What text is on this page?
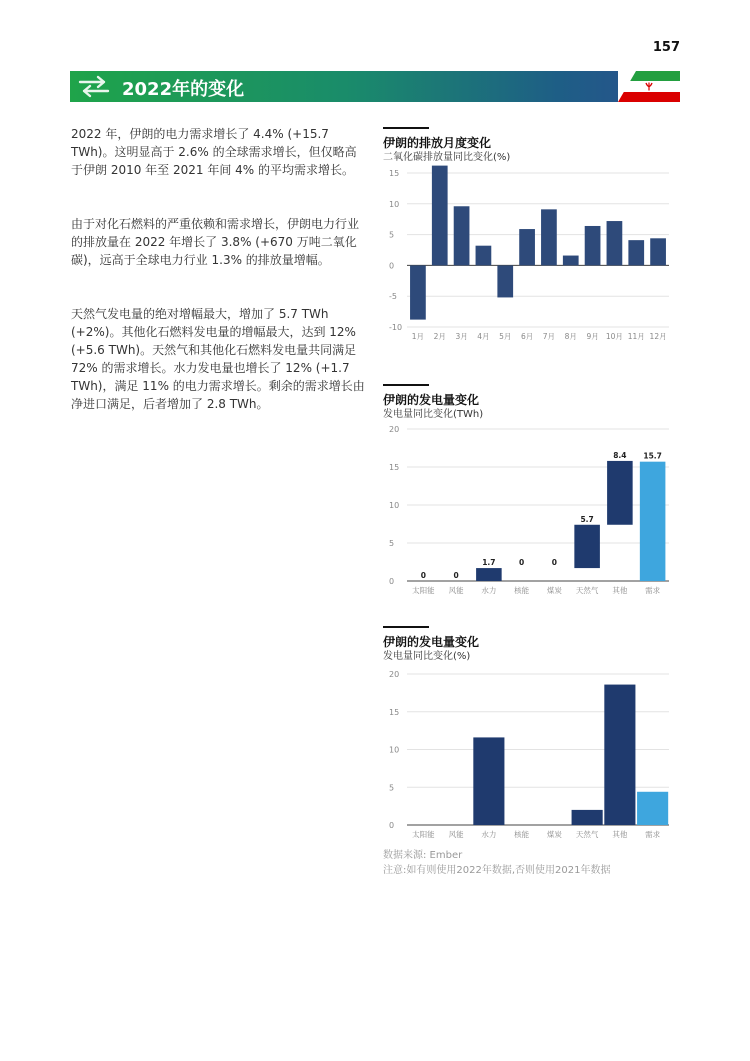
157
2022年的变化

2022 年，伊朗的电力需求增长了 4.4% (+15.7 TWh)。这明显高于 2.6% 的全球需求增长，但仅略高于伊朗 2010 年至 2021 年间 4% 的平均需求增长。

由于对化石燃料的严重依赖和需求增长，伊朗电力行业的排放量在 2022 年增长了 3.8% (+670 万吨二氧化碳)，远高于全球电力行业 1.3% 的排放量增幅。

天然气发电量的绝对增幅最大，增加了 5.7 TWh (+2%)。其他化石燃料发电量的增幅最大，达到 12% (+5.6 TWh)。天然气和其他化石燃料发电量共同满足 72% 的需求增长。水力发电量也增长了 12% (+1.7 TWh)，满足 11% 的电力需求增长。剩余的需求增长由净进口满足，后者增加了 2.8 TWh。

伊朗的排放月度变化
二氧化碳排放量同比变化(%)
-10
-5
0
5
10
15
1月 2月 3月 4月 5月 6月 7月 8月 9月 10月 11月 12月
伊朗的发电量变化
发电量同比变化(TWh)
0
5
10
15
20
0
太阳能
0
风能
1.7
水力
0
核能
0
煤炭
5.7
天然气
8.4
其他
15.7
需求
伊朗的发电量变化
发电量同比变化(%)
0
5
10
15
20
太阳能 风能 水力 核能 煤炭 天然气 其他 需求
数据来源: Ember
注意:如有则使用2022年数据,否则使用2021年数据
